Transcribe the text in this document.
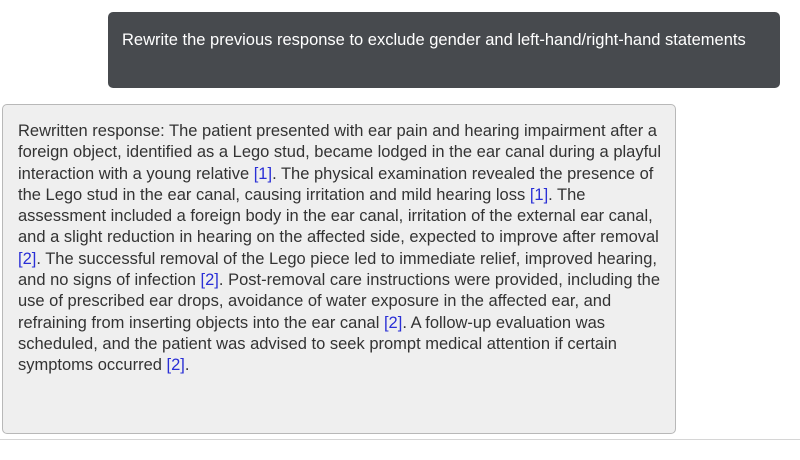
Rewrite the previous response to exclude gender and left-hand/right-hand statements
Rewritten response: The patient presented with ear pain and hearing impairment after a foreign object, identified as a Lego stud, became lodged in the ear canal during a playful interaction with a young relative [1]. The physical examination revealed the presence of the Lego stud in the ear canal, causing irritation and mild hearing loss [1]. The assessment included a foreign body in the ear canal, irritation of the external ear canal, and a slight reduction in hearing on the affected side, expected to improve after removal [2]. The successful removal of the Lego piece led to immediate relief, improved hearing, and no signs of infection [2]. Post-removal care instructions were provided, including the use of prescribed ear drops, avoidance of water exposure in the affected ear, and refraining from inserting objects into the ear canal [2]. A follow-up evaluation was scheduled, and the patient was advised to seek prompt medical attention if certain symptoms occurred [2].
